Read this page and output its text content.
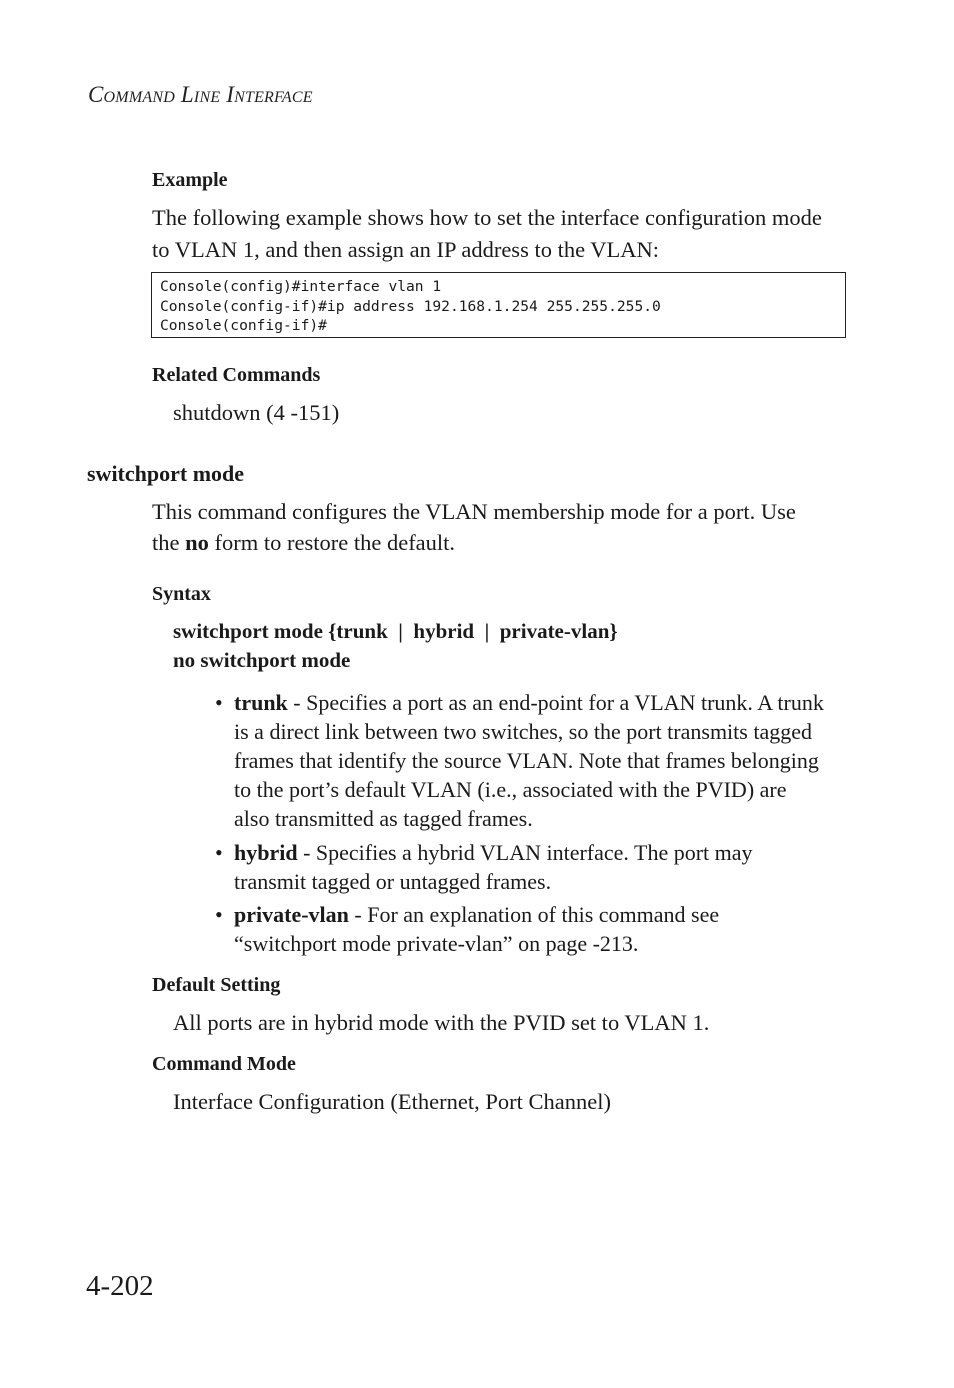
COMMAND LINE INTERFACE
Example
The following example shows how to set the interface configuration mode
to VLAN 1, and then assign an IP address to the VLAN:
Console(config)#interface vlan 1
Console(config-if)#ip address 192.168.1.254 255.255.255.0
Console(config-if)#
Related Commands
shutdown (4 -151)
switchport mode
This command configures the VLAN membership mode for a port. Use
the no form to restore the default.
Syntax
switchport mode {trunk | hybrid | private-vlan}
no switchport mode
• trunk - Specifies a port as an end-point for a VLAN trunk. A trunk
is a direct link between two switches, so the port transmits tagged
frames that identify the source VLAN. Note that frames belonging
to the port’s default VLAN (i.e., associated with the PVID) are
also transmitted as tagged frames.
• hybrid - Specifies a hybrid VLAN interface. The port may
transmit tagged or untagged frames.
• private-vlan - For an explanation of this command see
“switchport mode private-vlan” on page -213.
Default Setting
All ports are in hybrid mode with the PVID set to VLAN 1.
Command Mode
Interface Configuration (Ethernet, Port Channel)
4-202
